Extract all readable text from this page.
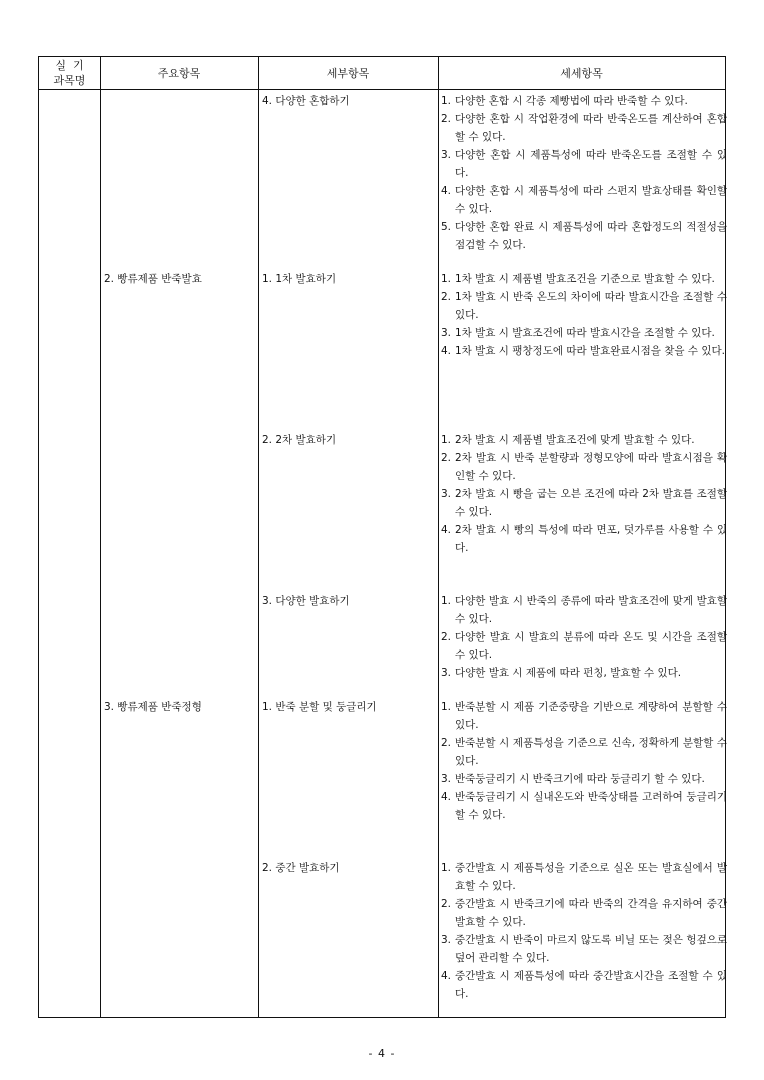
실  기
과목명
주요항목	세부항목	세세항목
2. 빵류제품 반죽발효
3. 빵류제품 반죽정형
4. 다양한 혼합하기
1. 1차 발효하기
2. 2차 발효하기
3. 다양한 발효하기
1. 반죽 분할 및 둥글리기
2. 중간 발효하기
1. 다양한 혼합 시 각종 제빵법에 따라 반죽할 수 있다.
2. 다양한 혼합 시 작업환경에 따라 반죽온도를 계산하여 혼합할 수 있다.
3. 다양한 혼합 시 제품특성에 따라 반죽온도를 조절할 수 있다.
4. 다양한 혼합 시 제품특성에 따라 스펀지 발효상태를 확인할 수 있다.
5. 다양한 혼합 완료 시 제품특성에 따라 혼합정도의 적절성을 점검할 수 있다.
1. 1차 발효 시 제품별 발효조건을 기준으로 발효할 수 있다.
2. 1차 발효 시 반죽 온도의 차이에 따라 발효시간을 조절할 수 있다.
3. 1차 발효 시 발효조건에 따라 발효시간을 조절할 수 있다.
4. 1차 발효 시 팽창정도에 따라 발효완료시점을 찾을 수 있다.
1. 2차 발효 시 제품별 발효조건에 맞게 발효할 수 있다.
2. 2차 발효 시 반죽 분할량과 정형모양에 따라 발효시점을 확인할 수 있다.
3. 2차 발효 시 빵을 굽는 오븐 조건에 따라 2차 발효를 조절할 수 있다.
4. 2차 발효 시 빵의 특성에 따라 면포, 덧가루를 사용할 수 있다.
1. 다양한 발효 시 반죽의 종류에 따라 발효조건에 맞게 발효할 수 있다.
2. 다양한 발효 시 발효의 분류에 따라 온도 및 시간을 조절할 수 있다.
3. 다양한 발효 시 제품에 따라 펀칭, 발효할 수 있다.
1. 반죽분할 시 제품 기준중량을 기반으로 계량하여 분할할 수 있다.
2. 반죽분할 시 제품특성을 기준으로 신속, 정확하게 분할할 수 있다.
3. 반죽둥글리기 시 반죽크기에 따라 둥글리기 할 수 있다.
4. 반죽둥글리기 시 실내온도와 반죽상태를 고려하여 둥글리기 할 수 있다.
1. 중간발효 시 제품특성을 기준으로 실온 또는 발효실에서 발효할 수 있다.
2. 중간발효 시 반죽크기에 따라 반죽의 간격을 유지하여 중간발효할 수 있다.
3. 중간발효 시 반죽이 마르지 않도록 비닐 또는 젖은 헝겊으로 덮어 관리할 수 있다.
4. 중간발효 시 제품특성에 따라 중간발효시간을 조절할 수 있다.
- 4 -
